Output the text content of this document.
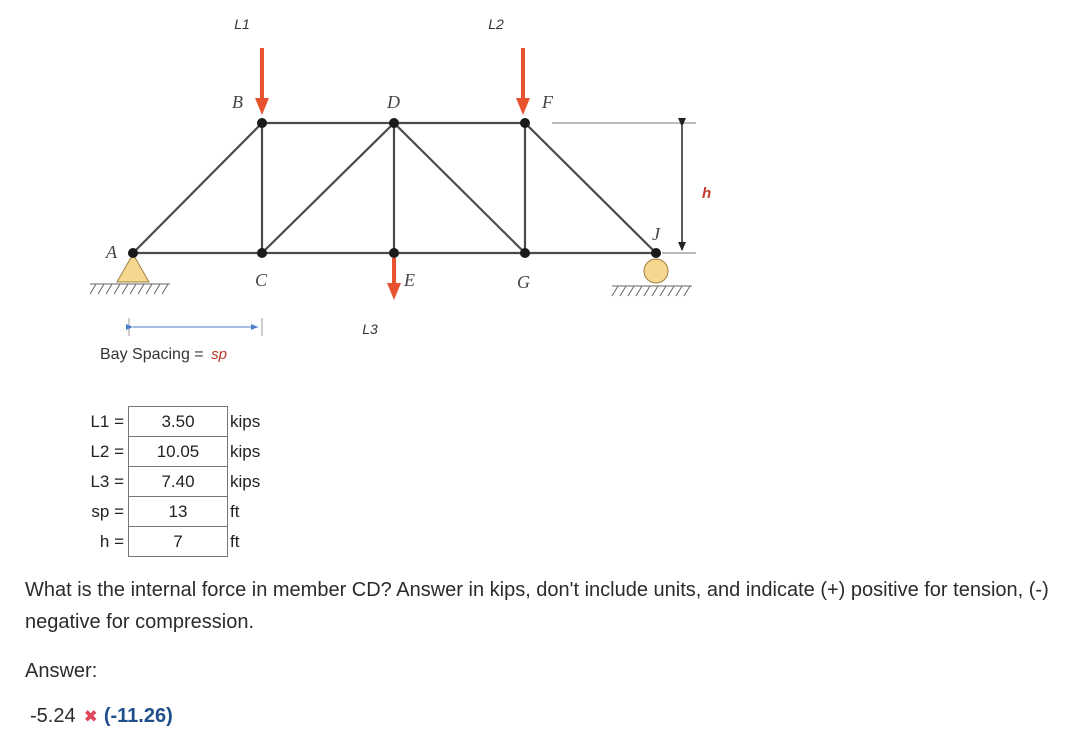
L1	L2
L3
A
B
C
D
E
F
G
J
h
Bay Spacing = sp
L1 =	3.50	kips
L2 =	10.05	kips
L3 =	7.40	kips
sp =	13	ft
h =	7	ft
What is the internal force in member CD? Answer in kips, don't include units, and indicate (+) positive for tension, (-) negative for compression.
Answer:
-5.24 ✖ (-11.26)
